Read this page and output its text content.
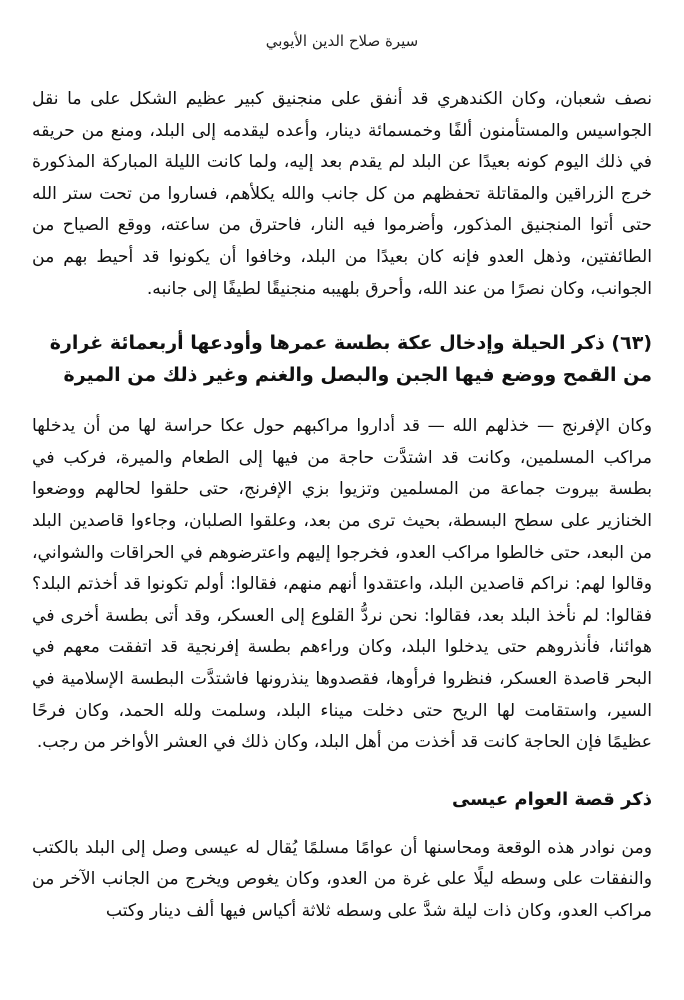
سيرة صلاح الدين الأيوبي

نصف شعبان، وكان الكندهري قد أنفق على منجنيق كبير عظيم الشكل على ما نقل الجواسيس والمستأمنون ألفًا وخمسمائة دينار، وأعده ليقدمه إلى البلد، ومنع من حريقه في ذلك اليوم كونه بعيدًا عن البلد لم يقدم بعد إليه، ولما كانت الليلة المباركة المذكورة خرج الزراقين والمقاتلة تحفظهم من كل جانب والله يكلأهم، فساروا من تحت ستر الله حتى أتوا المنجنيق المذكور، وأضرموا فيه النار، فاحترق من ساعته، ووقع الصياح من الطائفتين، وذهل العدو فإنه كان بعيدًا من البلد، وخافوا أن يكونوا قد أحيط بهم من الجوانب، وكان نصرًا من عند الله، وأحرق بلهيبه منجنيقًا لطيفًا إلى جانبه.

(٦٣) ذكر الحيلة وإدخال عكة بطسة عمرها وأودعها أربعمائة غرارة
من القمح ووضع فيها الجبن والبصل والغنم وغير ذلك من الميرة

وكان الإفرنج — خذلهم الله — قد أداروا مراكبهم حول عكا حراسة لها من أن يدخلها مراكب المسلمين، وكانت قد اشتدَّت حاجة من فيها إلى الطعام والميرة، فركب في بطسة بيروت جماعة من المسلمين وتزيوا بزي الإفرنج، حتى حلقوا لحالهم ووضعوا الخنازير على سطح البسطة، بحيث ترى من بعد، وعلقوا الصلبان، وجاءوا قاصدين البلد من البعد، حتى خالطوا مراكب العدو، فخرجوا إليهم واعترضوهم في الحراقات والشواني، وقالوا لهم: نراكم قاصدين البلد، واعتقدوا أنهم منهم، فقالوا: أولم تكونوا قد أخذتم البلد؟ فقالوا: لم نأخذ البلد بعد، فقالوا: نحن نردُّ القلوع إلى العسكر، وقد أتى بطسة أخرى في هوائنا، فأنذروهم حتى يدخلوا البلد، وكان وراءهم بطسة إفرنجية قد اتفقت معهم في البحر قاصدة العسكر، فنظروا فرأوها، فقصدوها ينذرونها فاشتدَّت البطسة الإسلامية في السير، واستقامت لها الريح حتى دخلت ميناء البلد، وسلمت ولله الحمد، وكان فرحًا عظيمًا فإن الحاجة كانت قد أخذت من أهل البلد، وكان ذلك في العشر الأواخر من رجب.

ذكر قصة العوام عيسى

ومن نوادر هذه الوقعة ومحاسنها أن عوامًا مسلمًا يُقال له عيسى وصل إلى البلد بالكتب والنفقات على وسطه ليلًا على غرة من العدو، وكان يغوص ويخرج من الجانب الآخر من مراكب العدو، وكان ذات ليلة شدَّ على وسطه ثلاثة أكياس فيها ألف دينار وكتب
